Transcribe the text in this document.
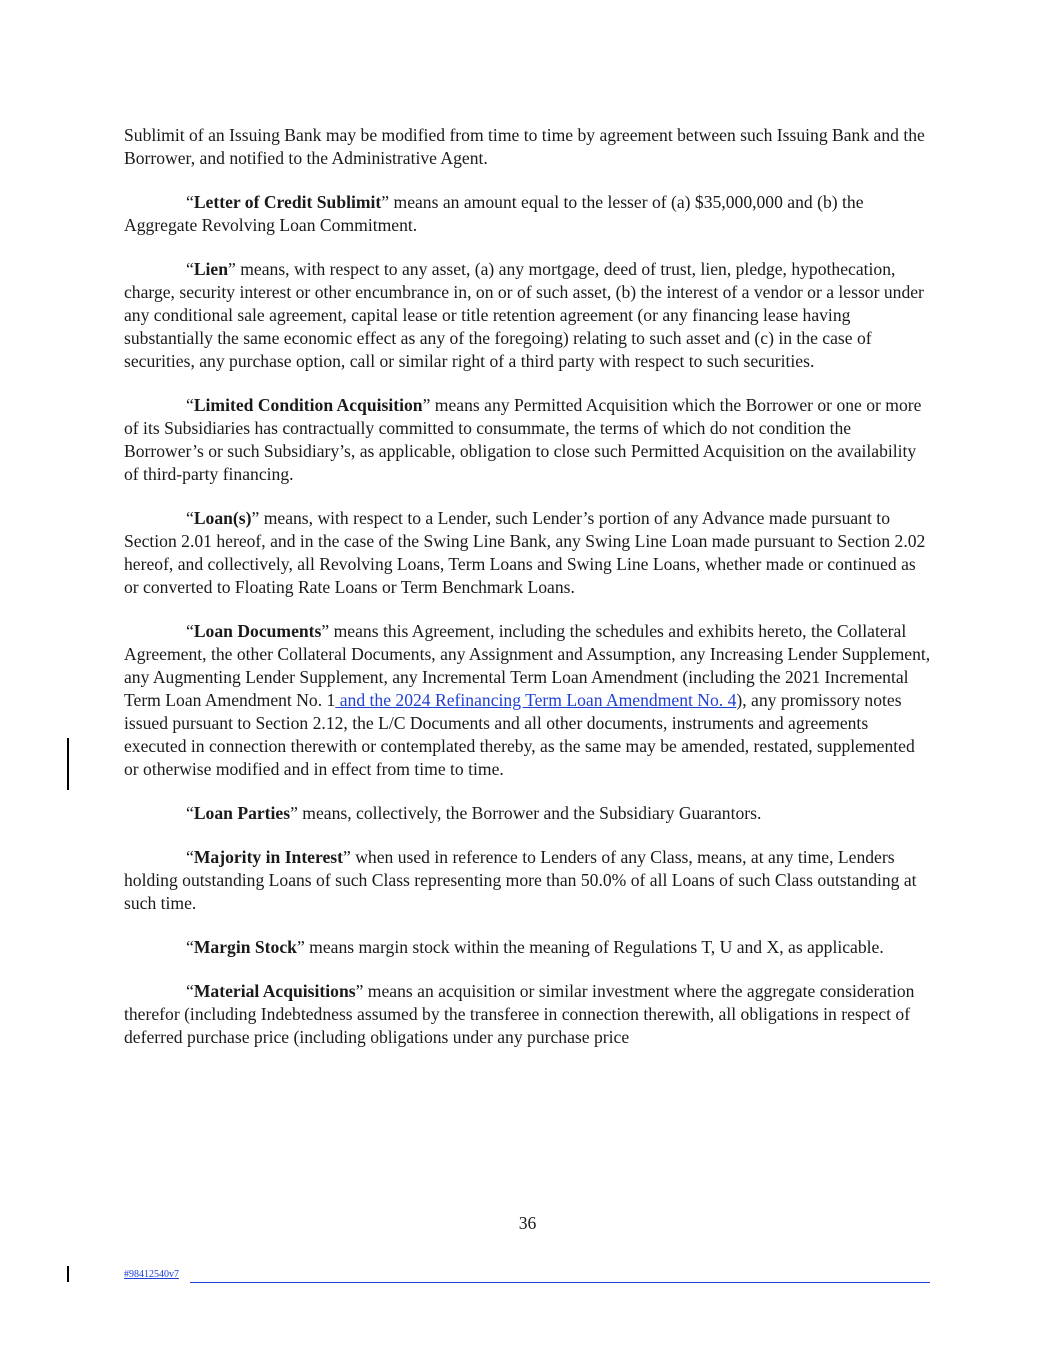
Sublimit of an Issuing Bank may be modified from time to time by agreement between such Issuing Bank and the Borrower, and notified to the Administrative Agent.

“Letter of Credit Sublimit” means an amount equal to the lesser of (a) $35,000,000 and (b) the Aggregate Revolving Loan Commitment.

“Lien” means, with respect to any asset, (a) any mortgage, deed of trust, lien, pledge, hypothecation, charge, security interest or other encumbrance in, on or of such asset, (b) the interest of a vendor or a lessor under any conditional sale agreement, capital lease or title retention agreement (or any financing lease having substantially the same economic effect as any of the foregoing) relating to such asset and (c) in the case of securities, any purchase option, call or similar right of a third party with respect to such securities.

“Limited Condition Acquisition” means any Permitted Acquisition which the Borrower or one or more of its Subsidiaries has contractually committed to consummate, the terms of which do not condition the Borrower’s or such Subsidiary’s, as applicable, obligation to close such Permitted Acquisition on the availability of third-party financing.

“Loan(s)” means, with respect to a Lender, such Lender’s portion of any Advance made pursuant to Section 2.01 hereof, and in the case of the Swing Line Bank, any Swing Line Loan made pursuant to Section 2.02 hereof, and collectively, all Revolving Loans, Term Loans and Swing Line Loans, whether made or continued as or converted to Floating Rate Loans or Term Benchmark Loans.

“Loan Documents” means this Agreement, including the schedules and exhibits hereto, the Collateral Agreement, the other Collateral Documents, any Assignment and Assumption, any Increasing Lender Supplement, any Augmenting Lender Supplement, any Incremental Term Loan Amendment (including the 2021 Incremental Term Loan Amendment No. 1 and the 2024 Refinancing Term Loan Amendment No. 4), any promissory notes issued pursuant to Section 2.12, the L/C Documents and all other documents, instruments and agreements executed in connection therewith or contemplated thereby, as the same may be amended, restated, supplemented or otherwise modified and in effect from time to time.

“Loan Parties” means, collectively, the Borrower and the Subsidiary Guarantors.

“Majority in Interest” when used in reference to Lenders of any Class, means, at any time, Lenders holding outstanding Loans of such Class representing more than 50.0% of all Loans of such Class outstanding at such time.

“Margin Stock” means margin stock within the meaning of Regulations T, U and X, as applicable.

“Material Acquisitions” means an acquisition or similar investment where the aggregate consideration therefor (including Indebtedness assumed by the transferee in connection therewith, all obligations in respect of deferred purchase price (including obligations under any purchase price

36
#98412540v7
